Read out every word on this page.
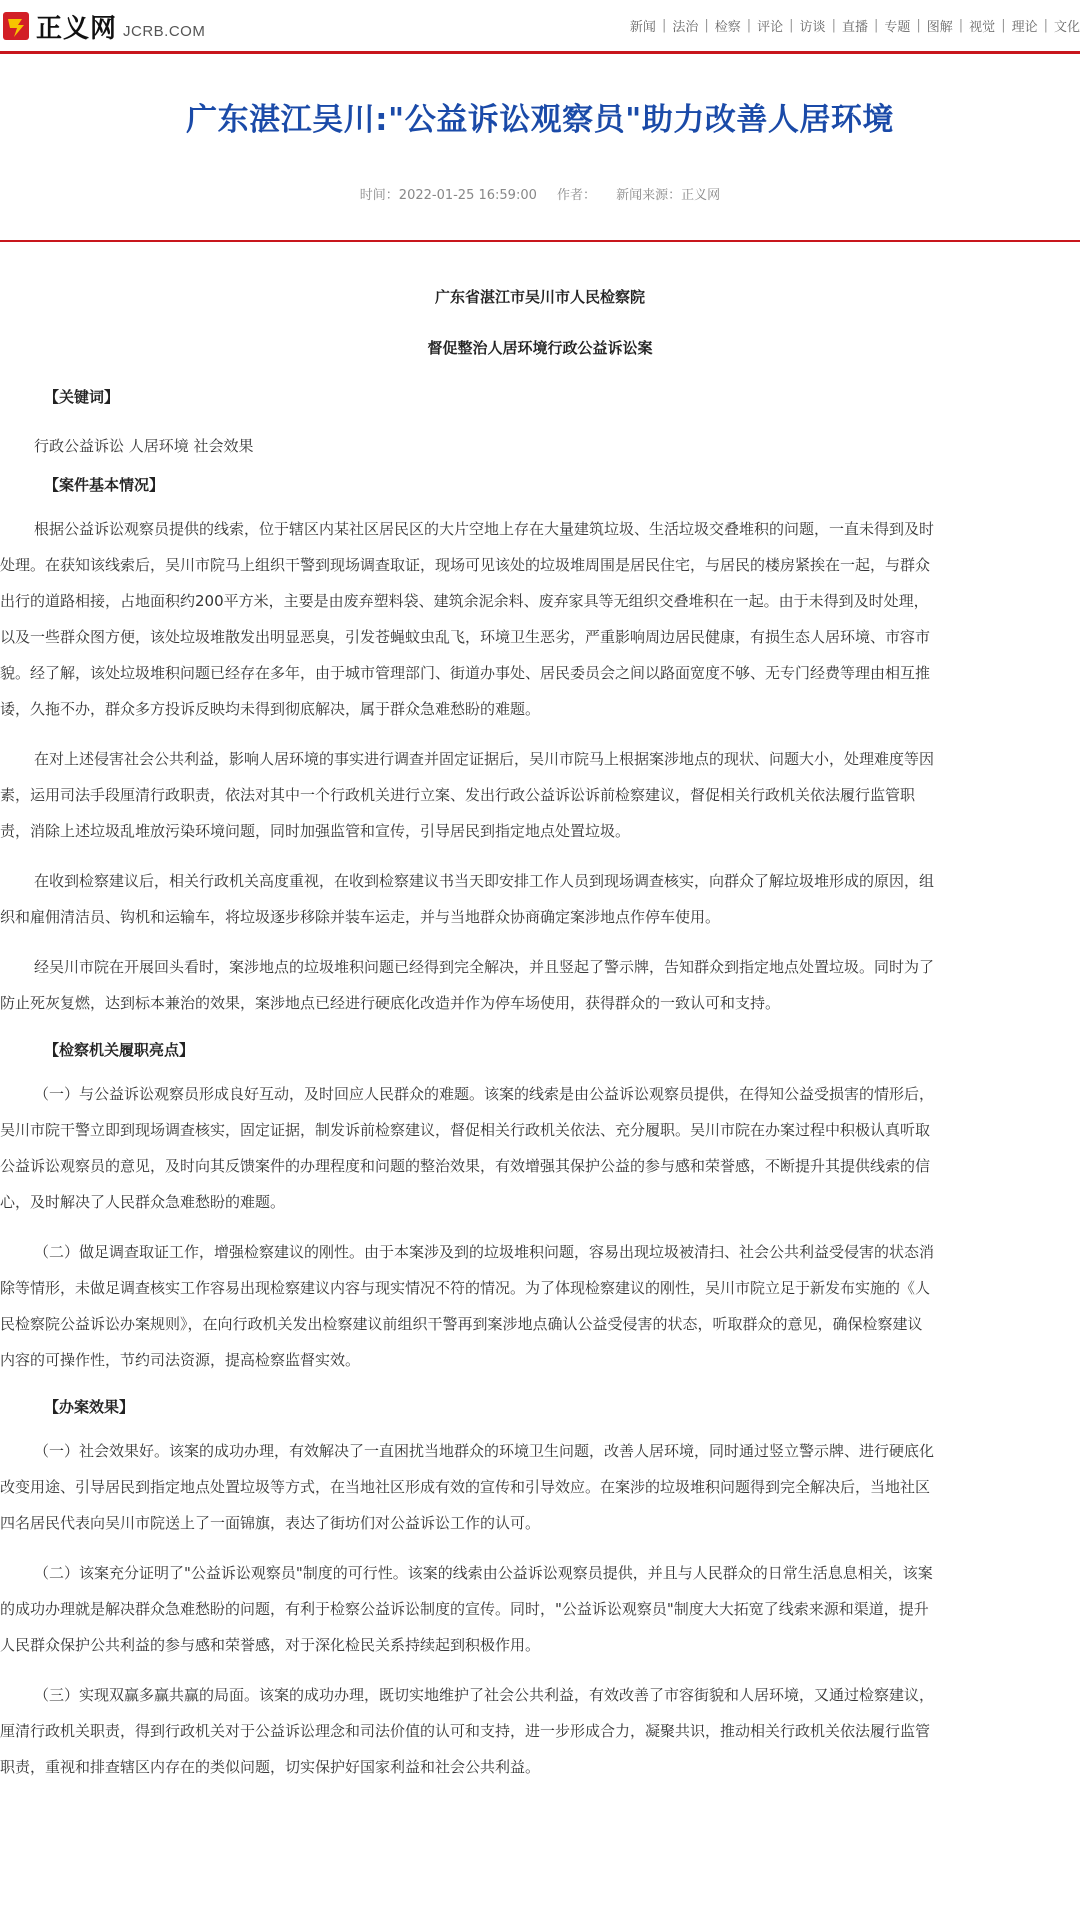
正义网 JCRB.COM	新闻 | 法治 | 检察 | 评论 | 访谈 | 直播 | 专题 | 图解 | 视觉 | 理论 | 文化
广东湛江吴川:"公益诉讼观察员"助力改善人居环境
时间：2022-01-25 16:59:00 作者： 新闻来源：正义网
广东省湛江市吴川市人民检察院
督促整治人居环境行政公益诉讼案
【关键词】
行政公益诉讼 人居环境 社会效果
【案件基本情况】

根据公益诉讼观察员提供的线索，位于辖区内某社区居民区的大片空地上存在大量建筑垃圾、生活垃圾交叠堆积的问题，一直未得到及时
处理。在获知该线索后，吴川市院马上组织干警到现场调查取证，现场可见该处的垃圾堆周围是居民住宅，与居民的楼房紧挨在一起，与群众
出行的道路相接，占地面积约200平方米，主要是由废弃塑料袋、建筑余泥余料、废弃家具等无组织交叠堆积在一起。由于未得到及时处理，
以及一些群众图方便，该处垃圾堆散发出明显恶臭，引发苍蝇蚊虫乱飞，环境卫生恶劣，严重影响周边居民健康，有损生态人居环境、市容市
貌。经了解，该处垃圾堆积问题已经存在多年，由于城市管理部门、街道办事处、居民委员会之间以路面宽度不够、无专门经费等理由相互推
诿，久拖不办，群众多方投诉反映均未得到彻底解决，属于群众急难愁盼的难题。

在对上述侵害社会公共利益，影响人居环境的事实进行调查并固定证据后，吴川市院马上根据案涉地点的现状、问题大小，处理难度等因
素，运用司法手段厘清行政职责，依法对其中一个行政机关进行立案、发出行政公益诉讼诉前检察建议，督促相关行政机关依法履行监管职
责，消除上述垃圾乱堆放污染环境问题，同时加强监管和宣传，引导居民到指定地点处置垃圾。

在收到检察建议后，相关行政机关高度重视，在收到检察建议书当天即安排工作人员到现场调查核实，向群众了解垃圾堆形成的原因，组
织和雇佣清洁员、钩机和运输车，将垃圾逐步移除并装车运走，并与当地群众协商确定案涉地点作停车使用。

经吴川市院在开展回头看时，案涉地点的垃圾堆积问题已经得到完全解决，并且竖起了警示牌，告知群众到指定地点处置垃圾。同时为了
防止死灰复燃，达到标本兼治的效果，案涉地点已经进行硬底化改造并作为停车场使用，获得群众的一致认可和支持。

【检察机关履职亮点】

（一）与公益诉讼观察员形成良好互动，及时回应人民群众的难题。该案的线索是由公益诉讼观察员提供，在得知公益受损害的情形后，
吴川市院干警立即到现场调查核实，固定证据，制发诉前检察建议，督促相关行政机关依法、充分履职。吴川市院在办案过程中积极认真听取
公益诉讼观察员的意见，及时向其反馈案件的办理程度和问题的整治效果，有效增强其保护公益的参与感和荣誉感，不断提升其提供线索的信
心，及时解决了人民群众急难愁盼的难题。

（二）做足调查取证工作，增强检察建议的刚性。由于本案涉及到的垃圾堆积问题，容易出现垃圾被清扫、社会公共利益受侵害的状态消
除等情形，未做足调查核实工作容易出现检察建议内容与现实情况不符的情况。为了体现检察建议的刚性，吴川市院立足于新发布实施的《人
民检察院公益诉讼办案规则》，在向行政机关发出检察建议前组织干警再到案涉地点确认公益受侵害的状态，听取群众的意见，确保检察建议
内容的可操作性，节约司法资源，提高检察监督实效。

【办案效果】

（一）社会效果好。该案的成功办理，有效解决了一直困扰当地群众的环境卫生问题，改善人居环境，同时通过竖立警示牌、进行硬底化
改变用途、引导居民到指定地点处置垃圾等方式，在当地社区形成有效的宣传和引导效应。在案涉的垃圾堆积问题得到完全解决后，当地社区
四名居民代表向吴川市院送上了一面锦旗，表达了街坊们对公益诉讼工作的认可。

（二）该案充分证明了"公益诉讼观察员"制度的可行性。该案的线索由公益诉讼观察员提供，并且与人民群众的日常生活息息相关，该案
的成功办理就是解决群众急难愁盼的问题，有利于检察公益诉讼制度的宣传。同时，"公益诉讼观察员"制度大大拓宽了线索来源和渠道，提升
人民群众保护公共利益的参与感和荣誉感，对于深化检民关系持续起到积极作用。

（三）实现双赢多赢共赢的局面。该案的成功办理，既切实地维护了社会公共利益，有效改善了市容街貌和人居环境，又通过检察建议，
厘清行政机关职责，得到行政机关对于公益诉讼理念和司法价值的认可和支持，进一步形成合力，凝聚共识，推动相关行政机关依法履行监管
职责，重视和排查辖区内存在的类似问题，切实保护好国家利益和社会公共利益。
